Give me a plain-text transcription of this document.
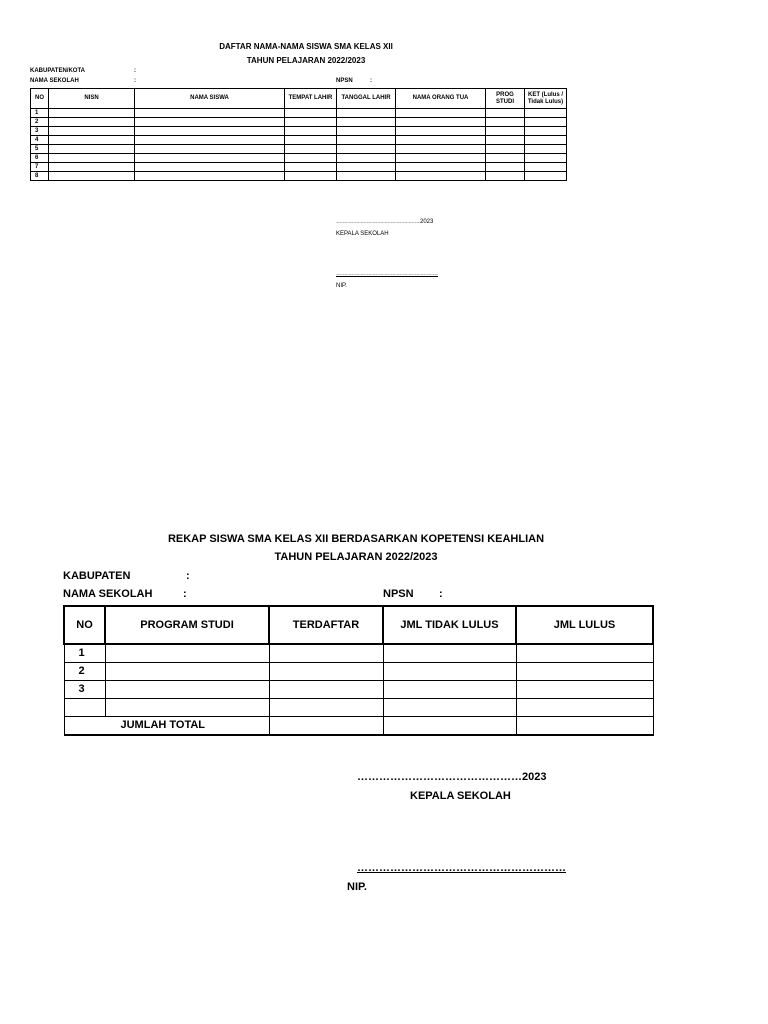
DAFTAR NAMA-NAMA SISWA SMA KELAS XII
TAHUN PELAJARAN 2022/2023
KABUPATEN/KOTA	:
NAMA SEKOLAH	:	NPSN	:
NO	NISN	NAMA SISWA	TEMPAT LAHIR	TANGGAL LAHIR	NAMA ORANG TUA	PROG STUDI	KET (Lulus / Tidak Lulus)
1							
2							
3							
4							
5							
6							
7							
8							
……………………………………2023
KEPALA SEKOLAH
……………………………………………
NIP.
REKAP SISWA SMA KELAS XII BERDASARKAN KOPETENSI KEAHLIAN
TAHUN PELAJARAN 2022/2023
KABUPATEN	:
NAMA SEKOLAH	:	NPSN :
NO	PROGRAM STUDI	TERDAFTAR	JML TIDAK LULUS	JML LULUS
1				
2				
3				

JUMLAH TOTAL				
………………………………………2023
KEPALA SEKOLAH
…………………………………………………
NIP.
